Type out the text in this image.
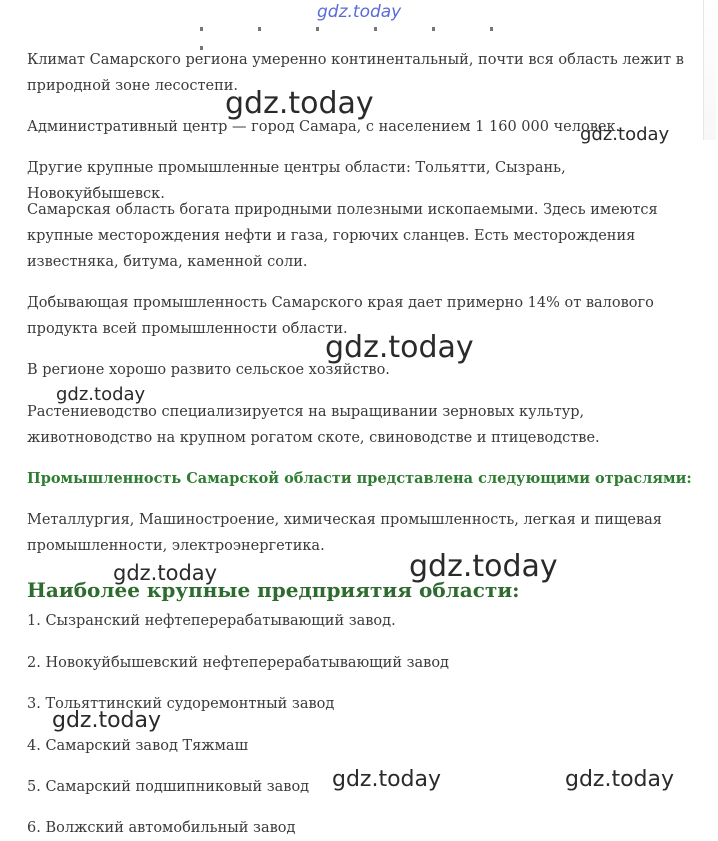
Климат Самарского региона умеренно континентальный, почти вся область лежит в природной зоне лесостепи.

Административный центр — город Самара, с населением 1 160 000 человек.

Другие крупные промышленные центры области: Тольятти, Сызрань, Новокуйбышевск.

Самарская область богата природными полезными ископаемыми. Здесь имеются крупные месторождения нефти и газа, горючих сланцев. Есть месторождения известняка, битума, каменной соли.

Добывающая промышленность Самарского края дает примерно 14% от валового продукта всей промышленности области.

В регионе хорошо развито сельское хозяйство.

Растениеводство специализируется на выращивании зерновых культур, животноводство на крупном рогатом скоте, свиноводстве и птицеводстве.

Промышленность Самарской области представлена следующими отраслями:

Металлургия, Машиностроение, химическая промышленность, легкая и пищевая промышленности, электроэнергетика.

Наиболее крупные предприятия области:

1. Сызранский нефтеперерабатывающий завод.

2. Новокуйбышевский нефтеперерабатывающий завод

3. Тольяттинский судоремонтный завод

4. Самарский завод Тяжмаш

5. Самарский подшипниковый завод

6. Волжский автомобильный завод

gdz.today
gdz.today
gdz.today
gdz.today
gdz.today
gdz.today
gdz.today
gdz.today
gdz.today	gdz.today
